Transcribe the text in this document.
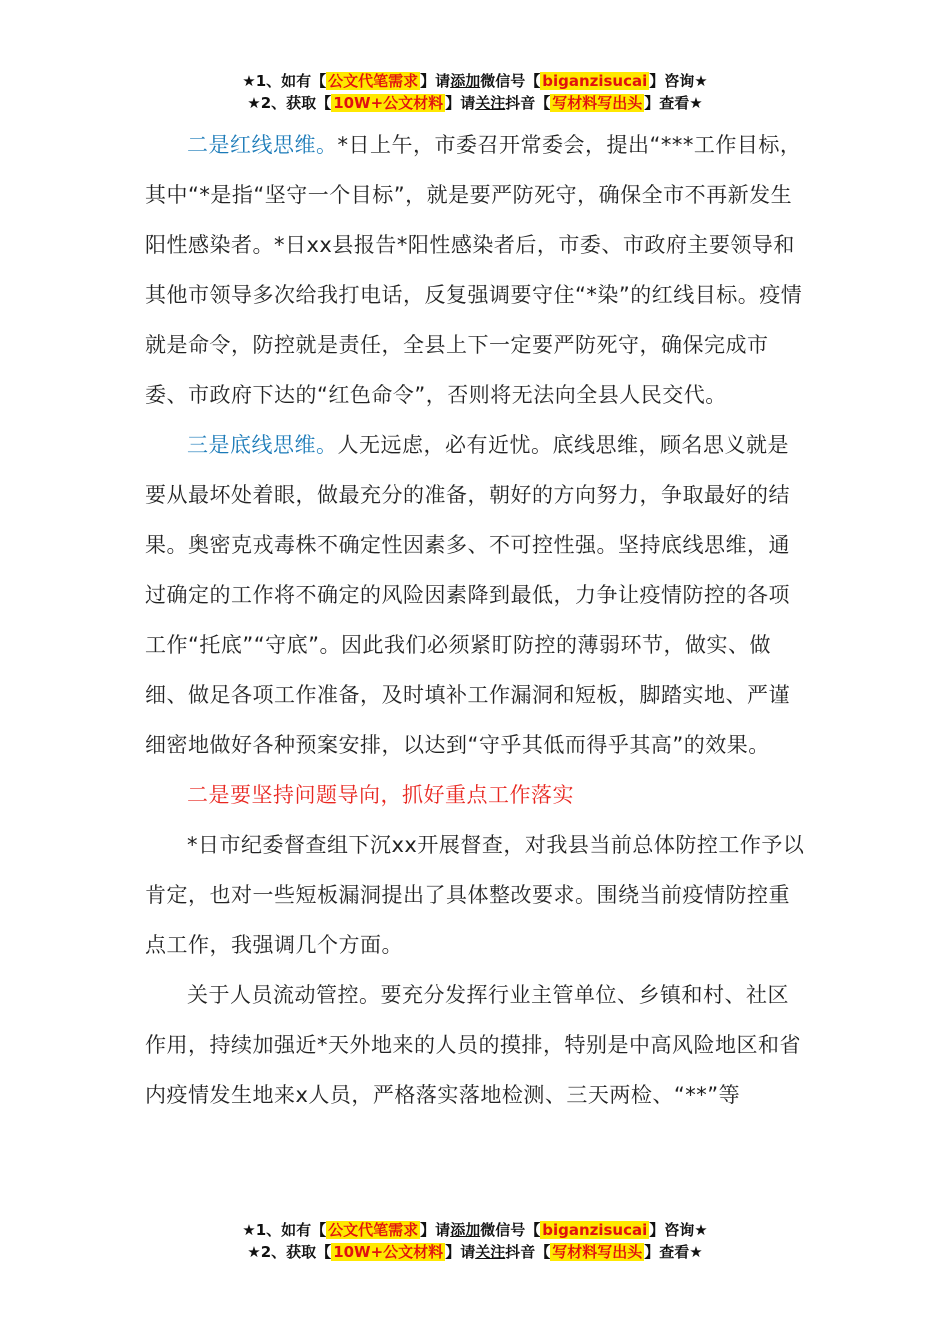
★1、如有【 公文代笔需求 】请添加微信号【 biganzisucai 】咨询★
★2、获取【 10W+公文材料 】请关注抖音【 写材料写出头 】查看★

二是红线思维。*日上午，市委召开常委会，提出“***工作目标，其中“*是指“坚守一个目标”，就是要严防死守，确保全市不再新发生阳性感染者。*日xx县报告*阳性感染者后，市委、市政府主要领导和其他市领导多次给我打电话，反复强调要守住“*染”的红线目标。疫情就是命令，防控就是责任，全县上下一定要严防死守，确保完成市委、市政府下达的“红色命令”，否则将无法向全县人民交代。

三是底线思维。人无远虑，必有近忧。底线思维，顾名思义就是要从最坏处着眼，做最充分的准备，朝好的方向努力，争取最好的结果。奥密克戎毒株不确定性因素多、不可控性强。坚持底线思维，通过确定的工作将不确定的风险因素降到最低，力争让疫情防控的各项工作“托底”“守底”。因此我们必须紧盯防控的薄弱环节，做实、做细、做足各项工作准备，及时填补工作漏洞和短板，脚踏实地、严谨细密地做好各种预案安排，以达到“守乎其低而得乎其高”的效果。

二是要坚持问题导向，抓好重点工作落实

*日市纪委督查组下沉xx开展督查，对我县当前总体防控工作予以肯定，也对一些短板漏洞提出了具体整改要求。围绕当前疫情防控重点工作，我强调几个方面。

关于人员流动管控。要充分发挥行业主管单位、乡镇和村、社区作用，持续加强近*天外地来的人员的摸排，特别是中高风险地区和省内疫情发生地来x人员，严格落实落地检测、三天两检、“**”等

★1、如有【 公文代笔需求 】请添加微信号【 biganzisucai 】咨询★
★2、获取【 10W+公文材料 】请关注抖音【 写材料写出头 】查看★
